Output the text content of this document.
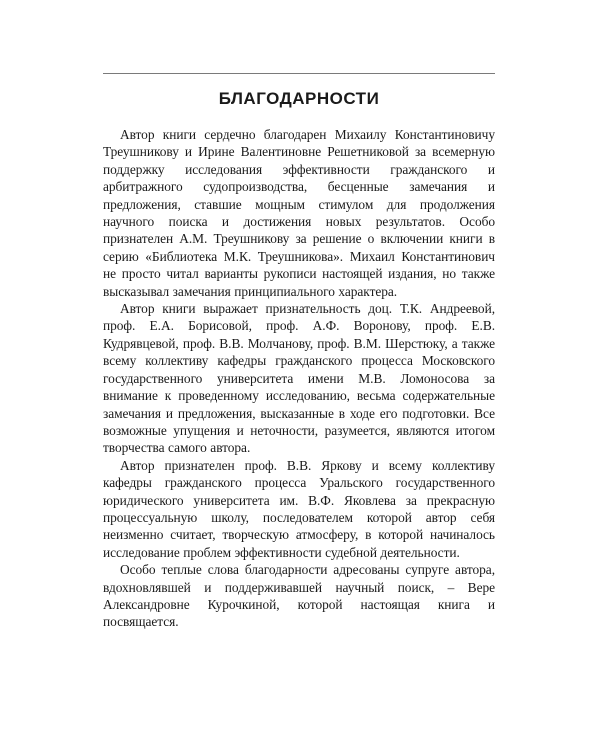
БЛАГОДАРНОСТИ

Автор книги сердечно благодарен Михаилу Константиновичу Треушникову и Ирине Валентиновне Решетниковой за всемерную поддержку исследования эффективности гражданского и арбитражного судопроизводства, бесценные замечания и предложения, ставшие мощным стимулом для продолжения научного поиска и достижения новых результатов. Особо признателен А.М. Треушникову за решение о включении книги в серию «Библиотека М.К. Треушникова». Михаил Константинович не просто читал варианты рукописи настоящей издания, но также высказывал замечания принципиального характера.

Автор книги выражает признательность доц. Т.К. Андреевой, проф. Е.А. Борисовой, проф. А.Ф. Воронову, проф. Е.В. Кудрявцевой, проф. В.В. Молчанову, проф. В.М. Шерстюку, а также всему коллективу кафедры гражданского процесса Московского государственного университета имени М.В. Ломоносова за внимание к проведенному исследованию, весьма содержательные замечания и предложения, высказанные в ходе его подготовки. Все возможные упущения и неточности, разумеется, являются итогом творчества самого автора.

Автор признателен проф. В.В. Яркову и всему коллективу кафедры гражданского процесса Уральского государственного юридического университета им. В.Ф. Яковлева за прекрасную процессуальную школу, последователем которой автор себя неизменно считает, творческую атмосферу, в которой начиналось исследование проблем эффективности судебной деятельности.

Особо теплые слова благодарности адресованы супруге автора, вдохновлявшей и поддерживавшей научный поиск, – Вере Александровне Курочкиной, которой настоящая книга и посвящается.
